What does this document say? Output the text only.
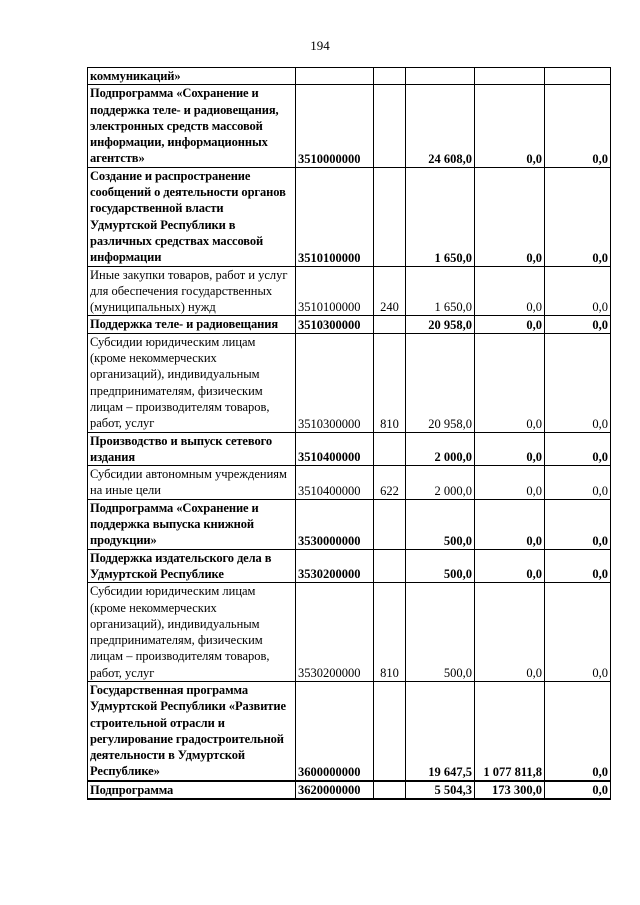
194
коммуникаций»					
Подпрограмма «Сохранение и поддержка теле- и радиовещания, электронных средств массовой информации, информационных агентств»	3510000000		24 608,0	0,0	0,0
Создание и распространение сообщений о деятельности органов государственной власти Удмуртской Республики в различных средствах массовой информации	3510100000		1 650,0	0,0	0,0
Иные закупки товаров, работ и услуг для обеспечения государственных (муниципальных) нужд	3510100000	240	1 650,0	0,0	0,0
Поддержка теле- и радиовещания	3510300000		20 958,0	0,0	0,0
Субсидии юридическим лицам (кроме некоммерческих организаций), индивидуальным предпринимателям, физическим лицам – производителям товаров, работ, услуг	3510300000	810	20 958,0	0,0	0,0
Производство и выпуск сетевого издания	3510400000		2 000,0	0,0	0,0
Субсидии автономным учреждениям на иные цели	3510400000	622	2 000,0	0,0	0,0
Подпрограмма «Сохранение и поддержка выпуска книжной продукции»	3530000000		500,0	0,0	0,0
Поддержка издательского дела в Удмуртской Республике	3530200000		500,0	0,0	0,0
Субсидии юридическим лицам (кроме некоммерческих организаций), индивидуальным предпринимателям, физическим лицам – производителям товаров, работ, услуг	3530200000	810	500,0	0,0	0,0
Государственная программа Удмуртской Республики «Развитие строительной отрасли и регулирование градостроительной деятельности в Удмуртской Республике»	3600000000		19 647,5	1 077 811,8	0,0
Подпрограмма	3620000000		5 504,3	173 300,0	0,0
